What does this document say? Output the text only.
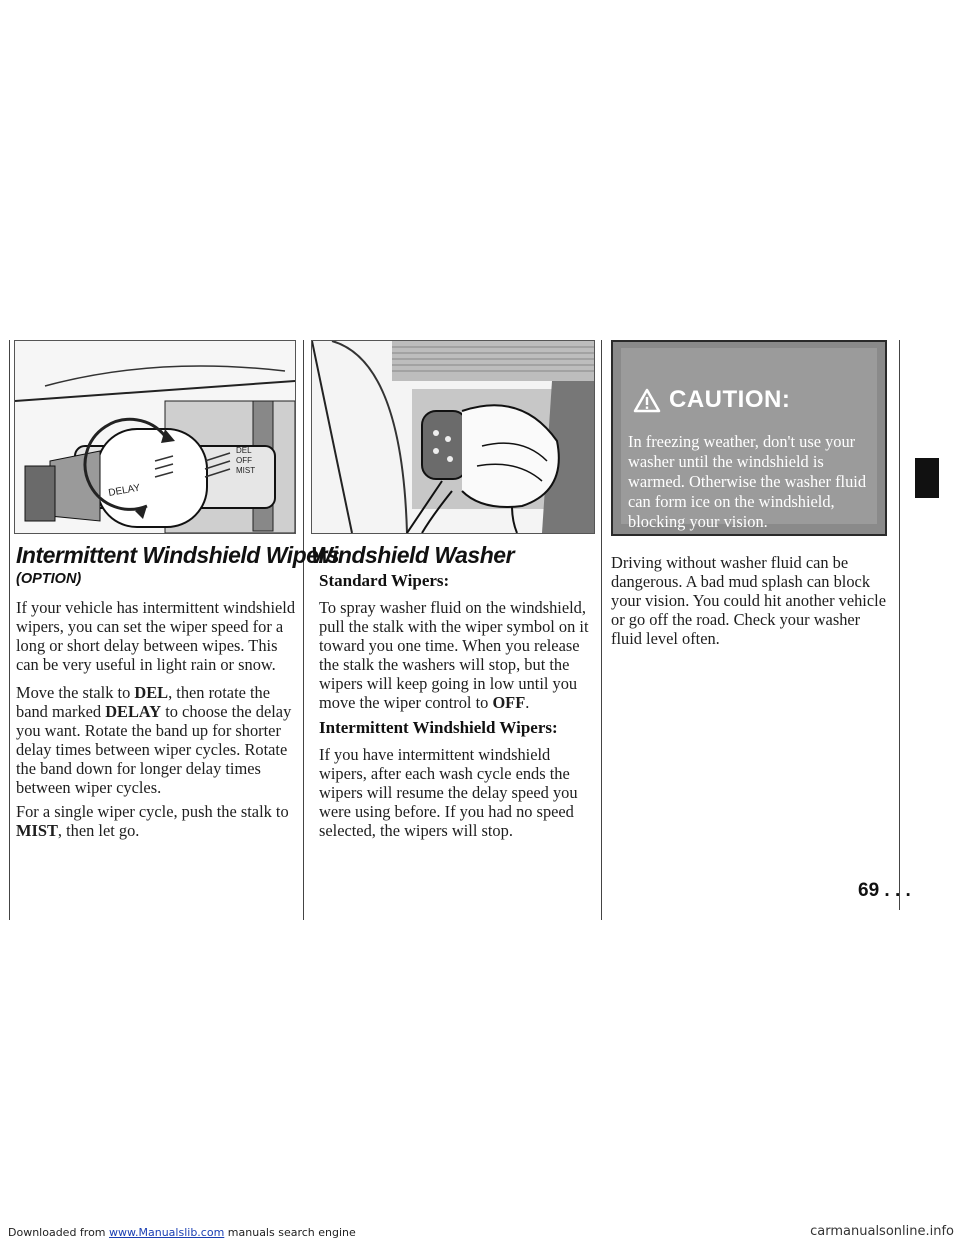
DELAY
DEL
OFF
MIST
Intermittent Windshield Wipers
(OPTION)

If your vehicle has intermittent windshield wipers, you can set the wiper speed for a long or short delay between wipes. This can be very useful in light rain or snow.

Move the stalk to DEL, then rotate the band marked DELAY to choose the delay you want. Rotate the band up for shorter delay times between wiper cycles. Rotate the band down for longer delay times between wiper cycles.

For a single wiper cycle, push the stalk to MIST, then let go.

Windshield Washer
Standard Wipers:

To spray washer fluid on the windshield, pull the stalk with the wiper symbol on it toward you one time. When you release the stalk the washers will stop, but the wipers will keep going in low until you move the wiper control to OFF.

Intermittent Windshield Wipers:

If you have intermittent windshield wipers, after each wash cycle ends the wipers will resume the delay speed you were using before. If you had no speed selected, the wipers will stop.

CAUTION:

In freezing weather, don't use your washer until the windshield is warmed. Otherwise the washer fluid can form ice on the windshield, blocking your vision.

Driving without washer fluid can be dangerous. A bad mud splash can block your vision. You could hit another vehicle or go off the road. Check your washer fluid level often.

69 . . .
Downloaded from www.Manualslib.com manuals search engine	carmanualsonline.info
